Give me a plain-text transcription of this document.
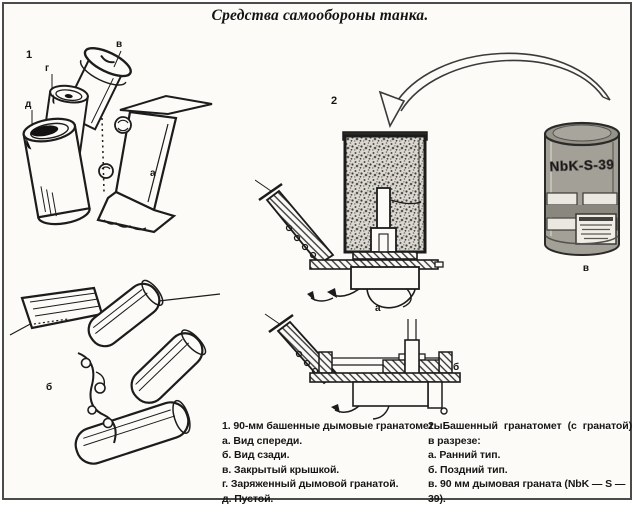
Средства самообороны танка.
1
в
г
д
а
б
2
а
б
NbK-S-39
в
1. 90-мм башенные дымовые гранатометы:
а. Вид спереди.
б. Вид сзади.
в. Закрытый крышкой.
г. Заряженный дымовой гранатой.
д. Пустой.
2. Башенный гранатомет (с гранатой)
в разрезе:
а. Ранний тип.
б. Поздний тип.
в. 90 мм дымовая граната (NbK — S — 39).
